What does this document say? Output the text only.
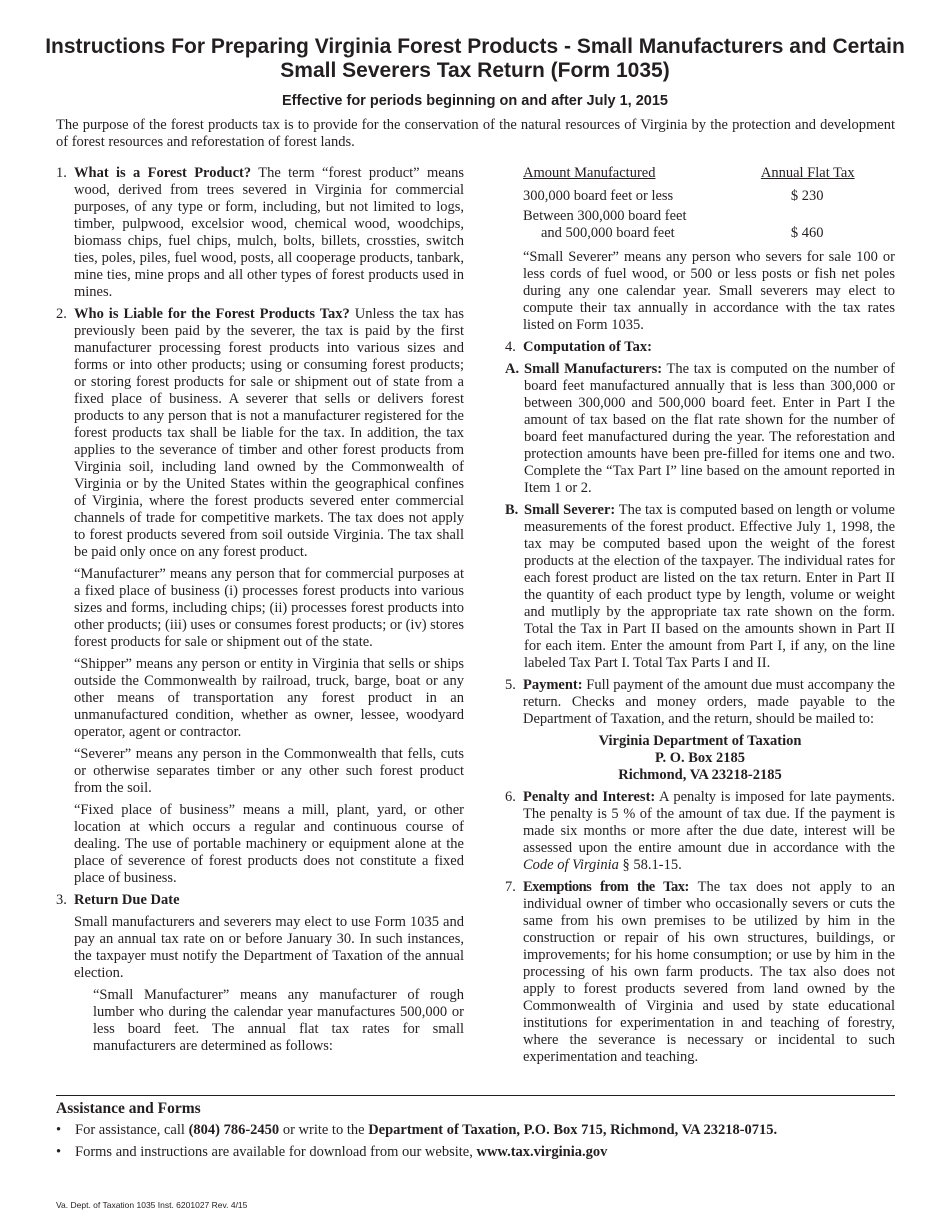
Instructions For Preparing Virginia Forest Products - Small Manufacturers and Certain Small Severers Tax Return (Form 1035)
Effective for periods beginning on and after July 1, 2015

The purpose of the forest products tax is to provide for the conservation of the natural resources of Virginia by the protection and development of forest resources and reforestation of forest lands.

1. What is a Forest Product? The term “forest product” means wood, derived from trees severed in Virginia for commercial purposes, of any type or form, including, but not limited to logs, timber, pulpwood, excelsior wood, chemical wood, woodchips, biomass chips, fuel chips, mulch, bolts, billets, crossties, switch ties, poles, piles, fuel wood, posts, all cooperage products, tanbark, mine ties, mine props and all other types of forest products used in mines.
2. Who is Liable for the Forest Products Tax? Unless the tax has previously been paid by the severer, the tax is paid by the first manufacturer processing forest products into various sizes and forms or into other products; using or consuming forest products; or storing forest products for sale or shipment out of state from a fixed place of business. A severer that sells or delivers forest products to any person that is not a manufacturer registered for the forest products tax shall be liable for the tax. In addition, the tax applies to the severance of timber and other forest products from Virginia soil, including land owned by the Commonwealth of Virginia or by the United States within the geographical confines of Virginia, where the forest products severed enter commercial channels of trade for competitive markets. The tax does not apply to forest products severed from soil outside Virginia. The tax shall be paid only once on any forest product.

“Manufacturer” means any person that for commercial purposes at a fixed place of business (i) processes forest products into various sizes and forms, including chips; (ii) processes forest products into other products; (iii) uses or consumes forest products; or (iv) stores forest products for sale or shipment out of the state.

“Shipper” means any person or entity in Virginia that sells or ships outside the Commonwealth by railroad, truck, barge, boat or any other means of transportation any forest product in an unmanufactured condition, whether as owner, lessee, woodyard operator, agent or contractor.

“Severer” means any person in the Commonwealth that fells, cuts or otherwise separates timber or any other such forest product from the soil.

“Fixed place of business” means a mill, plant, yard, or other location at which occurs a regular and continuous course of dealing. The use of portable machinery or equipment alone at the place of severence of forest products does not constitute a fixed place of business.

3. Return Due Date

Small manufacturers and severers may elect to use Form 1035 and pay an annual tax rate on or before January 30. In such instances, the taxpayer must notify the Department of Taxation of the annual election.

“Small Manufacturer” means any manufacturer of rough lumber who during the calendar year manufactures 500,000 or less board feet. The annual flat tax rates for small manufacturers are determined as follows:

Amount Manufactured	Annual Flat Tax
300,000 board feet or less	$ 230

Between 300,000 board feet
and 500,000 board feet	$ 460

“Small Severer” means any person who severs for sale 100 or less cords of fuel wood, or 500 or less posts or fish net poles during any one calendar year. Small severers may elect to compute their tax annually in accordance with the tax rates listed on Form 1035.

4. Computation of Tax:
A. Small Manufacturers: The tax is computed on the number of board feet manufactured annually that is less than 300,000 or between 300,000 and 500,000 board feet. Enter in Part I the amount of tax based on the flat rate shown for the number of board feet manufactured during the year. The reforestation and protection amounts have been pre-filled for items one and two. Complete the “Tax Part I” line based on the amount reported in Item 1 or 2.
B. Small Severer: The tax is computed based on length or volume measurements of the forest product. Effective July 1, 1998, the tax may be computed based upon the weight of the forest products at the election of the taxpayer. The individual rates for each forest product are listed on the tax return. Enter in Part II the quantity of each product type by length, volume or weight and mutliply by the appropriate tax rate shown on the form. Total the Tax in Part II based on the amounts shown in Part II for each item. Enter the amount from Part I, if any, on the line labeled Tax Part I. Total Tax Parts I and II.
5. Payment: Full payment of the amount due must accompany the return. Checks and money orders, made payable to the Department of Taxation, and the return, should be mailed to:
Virginia Department of Taxation
P. O. Box 2185
Richmond, VA 23218-2185
6. Penalty and Interest: A penalty is imposed for late payments. The penalty is 5 % of the amount of tax due. If the payment is made six months or more after the due date, interest will be assessed upon the entire amount due in accordance with the Code of Virginia § 58.1-15.
7. Exemptions from the Tax: The tax does not apply to an individual owner of timber who occasionally severs or cuts the same from his own premises to be utilized by him in the construction or repair of his own structures, buildings, or improvements; for his home consumption; or use by him in the processing of his own farm products. The tax also does not apply to forest products severed from land owned by the Commonwealth of Virginia and used by state educational institutions for experimentation in and teaching of forestry, where the severance is necessary or incidental to such experimentation and teaching.
Assistance and Forms
• For assistance, call (804) 786-2450 or write to the Department of Taxation, P.O. Box 715, Richmond, VA 23218-0715.
• Forms and instructions are available for download from our website, www.tax.virginia.gov
Va. Dept. of Taxation 1035 Inst. 6201027 Rev. 4/15
